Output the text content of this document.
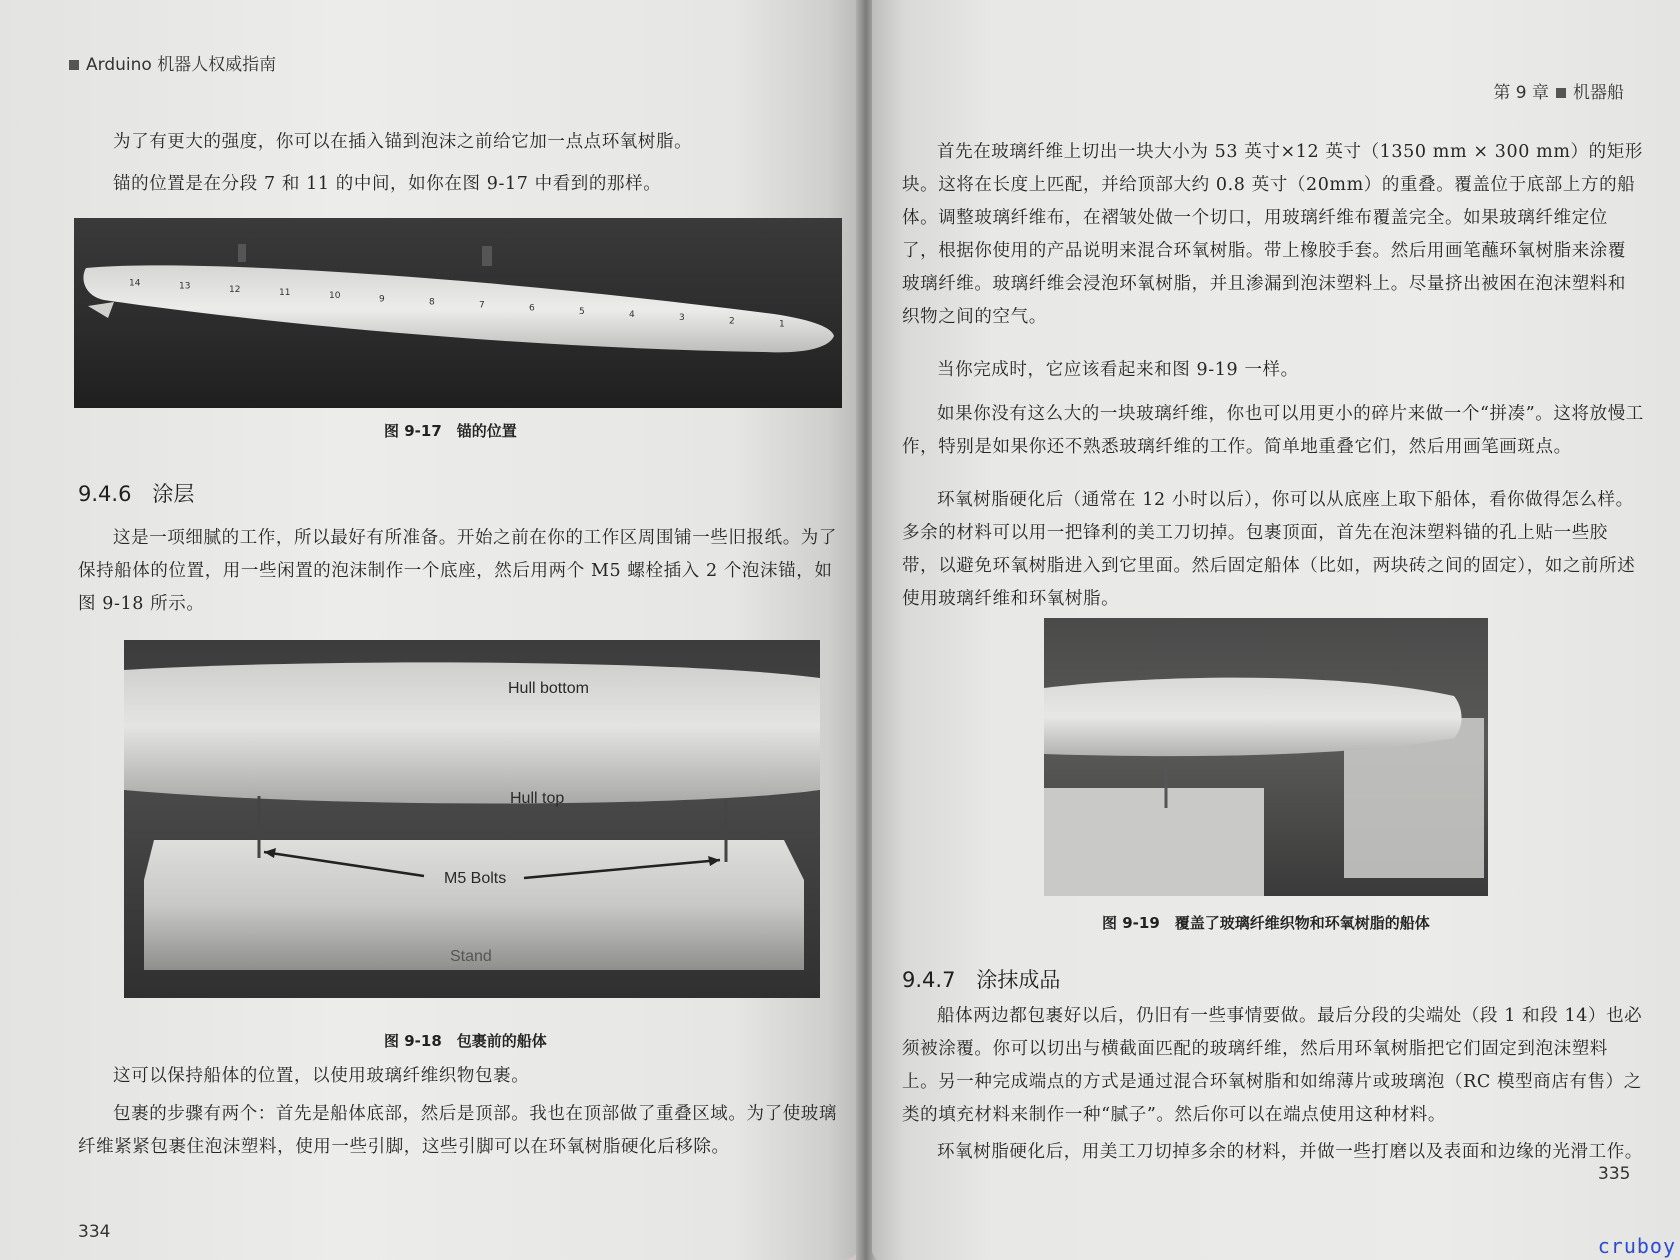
Arduino 机器人权威指南
为了有更大的强度，你可以在插入锚到泡沫之前给它加一点点环氧树脂。
锚的位置是在分段 7 和 11 的中间，如你在图 9-17 中看到的那样。
14	13	12	11	10	9	8	7	6	5	4	3	2	1
图 9-17　锚的位置
9.4.6　涂层
这是一项细腻的工作，所以最好有所准备。开始之前在你的工作区周围铺一些旧报纸。为了保持船体的位置，用一些闲置的泡沫制作一个底座，然后用两个 M5 螺栓插入 2 个泡沫锚，如图 9-18 所示。
Hull bottom
Hull top
M5 Bolts
Stand
图 9-18　包裹前的船体
这可以保持船体的位置，以使用玻璃纤维织物包裹。
包裹的步骤有两个：首先是船体底部，然后是顶部。我也在顶部做了重叠区域。为了使玻璃纤维紧紧包裹住泡沫塑料，使用一些引脚，这些引脚可以在环氧树脂硬化后移除。
334
第 9 章 机器船
首先在玻璃纤维上切出一块大小为 53 英寸×12 英寸（1350 mm × 300 mm）的矩形块。这将在长度上匹配，并给顶部大约 0.8 英寸（20mm）的重叠。覆盖位于底部上方的船体。调整玻璃纤维布，在褶皱处做一个切口，用玻璃纤维布覆盖完全。如果玻璃纤维定位了，根据你使用的产品说明来混合环氧树脂。带上橡胶手套。然后用画笔蘸环氧树脂来涂覆玻璃纤维。玻璃纤维会浸泡环氧树脂，并且渗漏到泡沫塑料上。尽量挤出被困在泡沫塑料和织物之间的空气。
当你完成时，它应该看起来和图 9-19 一样。
如果你没有这么大的一块玻璃纤维，你也可以用更小的碎片来做一个“拼凑”。这将放慢工作，特别是如果你还不熟悉玻璃纤维的工作。简单地重叠它们，然后用画笔画斑点。
环氧树脂硬化后（通常在 12 小时以后），你可以从底座上取下船体，看你做得怎么样。多余的材料可以用一把锋利的美工刀切掉。包裹顶面，首先在泡沫塑料锚的孔上贴一些胶带，以避免环氧树脂进入到它里面。然后固定船体（比如，两块砖之间的固定），如之前所述使用玻璃纤维和环氧树脂。
图 9-19　覆盖了玻璃纤维织物和环氧树脂的船体
9.4.7　涂抹成品
船体两边都包裹好以后，仍旧有一些事情要做。最后分段的尖端处（段 1 和段 14）也必须被涂覆。你可以切出与横截面匹配的玻璃纤维，然后用环氧树脂把它们固定到泡沫塑料上。另一种完成端点的方式是通过混合环氧树脂和如绵薄片或玻璃泡（RC 模型商店有售）之类的填充材料来制作一种“腻子”。然后你可以在端点使用这种材料。
环氧树脂硬化后，用美工刀切掉多余的材料，并做一些打磨以及表面和边缘的光滑工作。
335
cruboy
